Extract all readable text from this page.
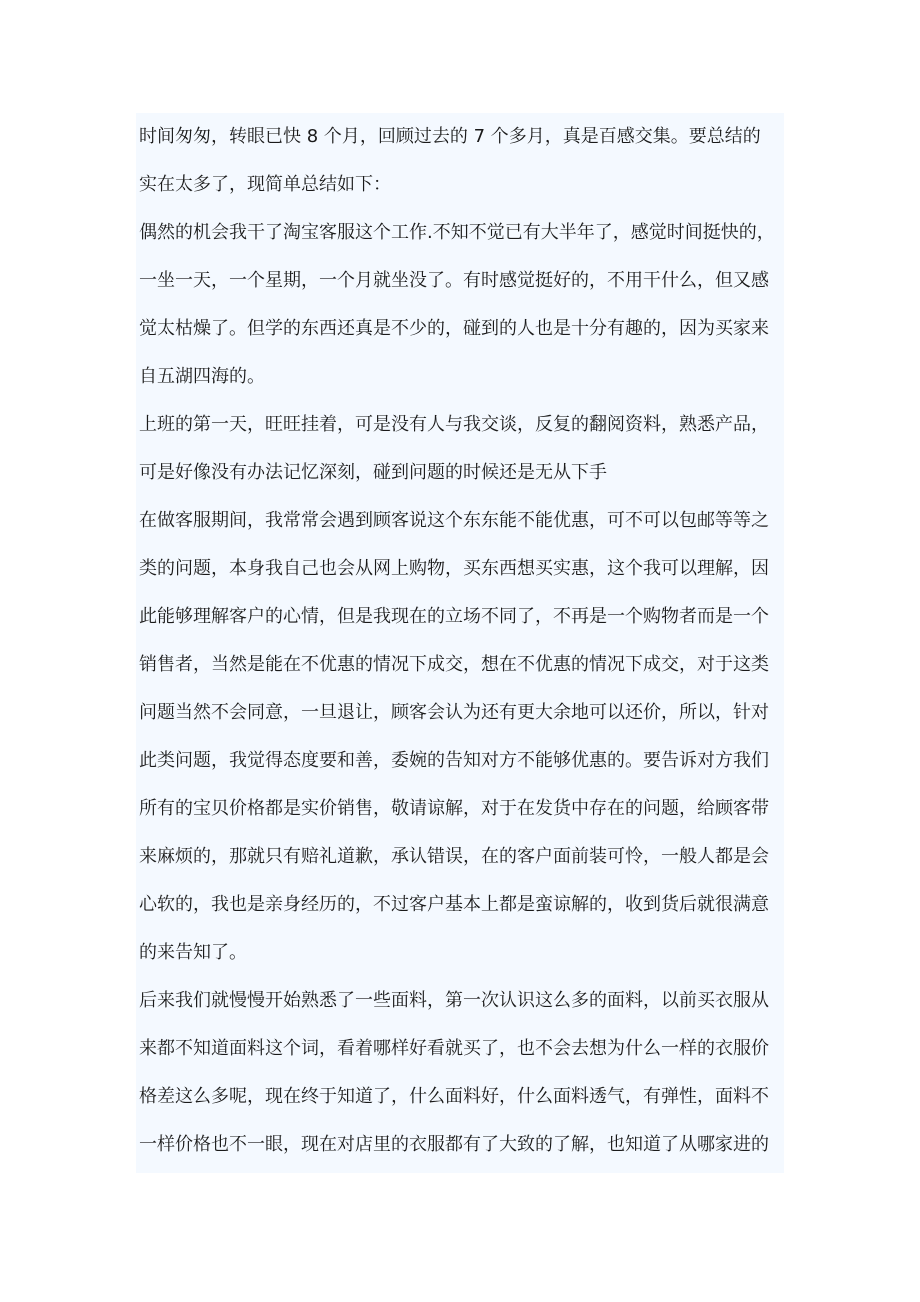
时间匆匆，转眼已快 8 个月，回顾过去的 7 个多月，真是百感交集。要总结的
实在太多了，现简单总结如下：
偶然的机会我干了淘宝客服这个工作.不知不觉已有大半年了，感觉时间挺快的，
一坐一天，一个星期，一个月就坐没了。有时感觉挺好的，不用干什么，但又感
觉太枯燥了。但学的东西还真是不少的，碰到的人也是十分有趣的，因为买家来
自五湖四海的。
上班的第一天，旺旺挂着，可是没有人与我交谈，反复的翻阅资料，熟悉产品，
可是好像没有办法记忆深刻，碰到问题的时候还是无从下手
在做客服期间，我常常会遇到顾客说这个东东能不能优惠，可不可以包邮等等之
类的问题，本身我自己也会从网上购物，买东西想买实惠，这个我可以理解，因
此能够理解客户的心情，但是我现在的立场不同了，不再是一个购物者而是一个
销售者，当然是能在不优惠的情况下成交，想在不优惠的情况下成交，对于这类
问题当然不会同意，一旦退让，顾客会认为还有更大余地可以还价，所以，针对
此类问题，我觉得态度要和善，委婉的告知对方不能够优惠的。要告诉对方我们
所有的宝贝价格都是实价销售，敬请谅解，对于在发货中存在的问题，给顾客带
来麻烦的，那就只有赔礼道歉，承认错误，在的客户面前装可怜，一般人都是会
心软的，我也是亲身经历的，不过客户基本上都是蛮谅解的，收到货后就很满意
的来告知了。
后来我们就慢慢开始熟悉了一些面料，第一次认识这么多的面料，以前买衣服从
来都不知道面料这个词，看着哪样好看就买了，也不会去想为什么一样的衣服价
格差这么多呢，现在终于知道了，什么面料好，什么面料透气，有弹性，面料不
一样价格也不一眼，现在对店里的衣服都有了大致的了解，也知道了从哪家进的
